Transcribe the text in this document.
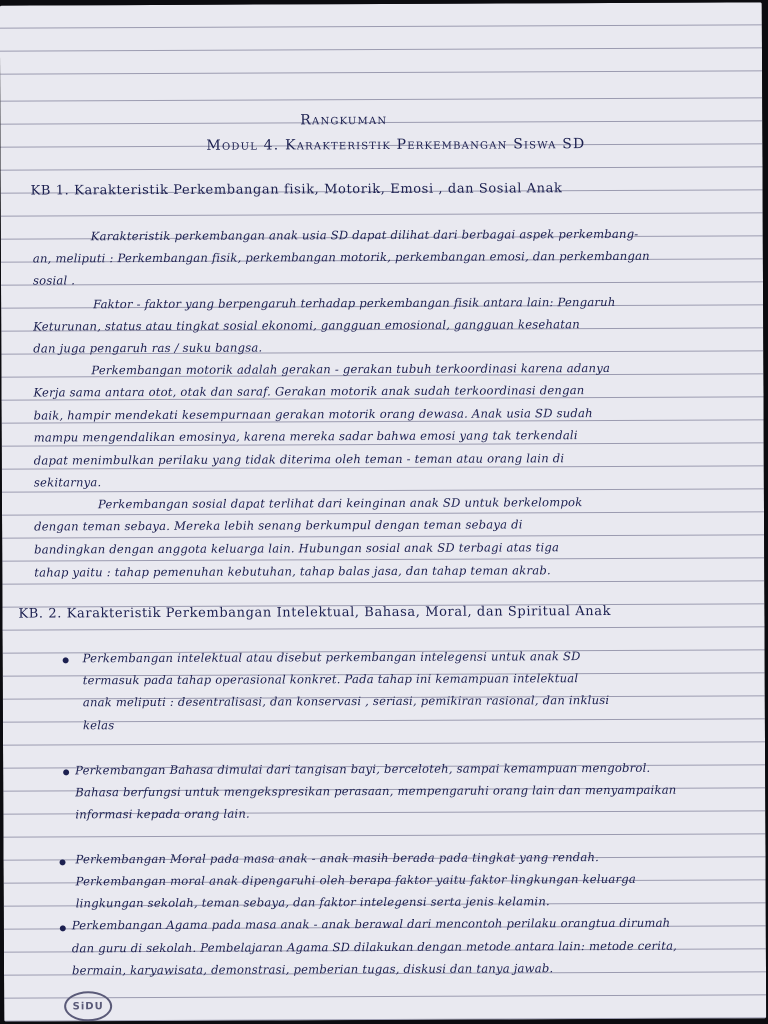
Rangkuman

Modul 4. Karakteristik Perkembangan Siswa SD

KB 1. Karakteristik Perkembangan fisik, Motorik, Emosi , dan Sosial Anak

Karakteristik perkembangan anak usia SD dapat dilihat dari berbagai aspek perkembang-

an, meliputi : Perkembangan fisik, perkembangan motorik, perkembangan emosi, dan perkembangan

sosial .

Faktor - faktor yang berpengaruh terhadap perkembangan fisik antara lain: Pengaruh

Keturunan, status atau tingkat sosial ekonomi, gangguan emosional, gangguan kesehatan

dan juga pengaruh ras / suku bangsa.

Perkembangan motorik adalah gerakan - gerakan tubuh terkoordinasi karena adanya

Kerja sama antara otot, otak dan saraf. Gerakan motorik anak sudah terkoordinasi dengan

baik, hampir mendekati kesempurnaan gerakan motorik orang dewasa. Anak usia SD sudah

mampu mengendalikan emosinya, karena mereka sadar bahwa emosi yang tak terkendali

dapat menimbulkan perilaku yang tidak diterima oleh teman - teman atau orang lain di

sekitarnya.

Perkembangan sosial dapat terlihat dari keinginan anak SD untuk berkelompok

dengan teman sebaya. Mereka lebih senang berkumpul dengan teman sebaya di

bandingkan dengan anggota keluarga lain. Hubungan sosial anak SD terbagi atas tiga

tahap yaitu : tahap pemenuhan kebutuhan, tahap balas jasa, dan tahap teman akrab.

KB. 2. Karakteristik Perkembangan Intelektual, Bahasa, Moral, dan Spiritual Anak

Perkembangan intelektual atau disebut perkembangan intelegensi untuk anak SD

termasuk pada tahap operasional konkret. Pada tahap ini kemampuan intelektual

anak meliputi : desentralisasi, dan konservasi , seriasi, pemikiran rasional, dan inklusi

kelas

Perkembangan Bahasa dimulai dari tangisan bayi, berceloteh, sampai kemampuan mengobrol.

Bahasa berfungsi untuk mengekspresikan perasaan, mempengaruhi orang lain dan menyampaikan

informasi kepada orang lain.

Perkembangan Moral pada masa anak - anak masih berada pada tingkat yang rendah.

Perkembangan moral anak dipengaruhi oleh berapa faktor yaitu faktor lingkungan keluarga

lingkungan sekolah, teman sebaya, dan faktor intelegensi serta jenis kelamin.

Perkembangan Agama pada masa anak - anak berawal dari mencontoh perilaku orangtua dirumah

dan guru di sekolah. Pembelajaran Agama SD dilakukan dengan metode antara lain: metode cerita,

bermain, karyawisata, demonstrasi, pemberian tugas, diskusi dan tanya jawab.

SiDU
